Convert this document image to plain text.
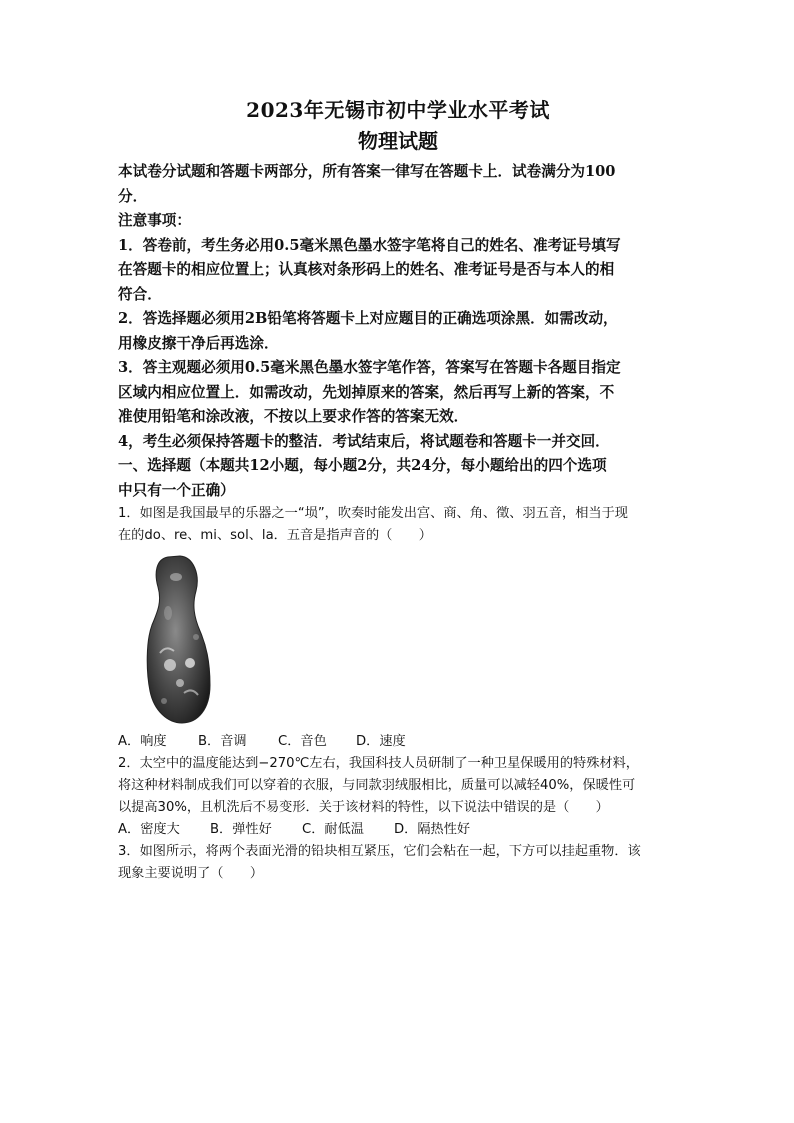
2023年无锡市初中学业水平考试
物理试题

本试卷分试题和答题卡两部分，所有答案一律写在答题卡上．试卷满分为100

分．

注意事项：

1．答卷前，考生务必用0.5毫米黑色墨水签字笔将自己的姓名、准考证号填写

在答题卡的相应位置上；认真核对条形码上的姓名、准考证号是否与本人的相

符合．

2．答选择题必须用2B铅笔将答题卡上对应题目的正确选项涂黑．如需改动，

用橡皮擦干净后再选涂．

3．答主观题必须用0.5毫米黑色墨水签字笔作答，答案写在答题卡各题目指定

区域内相应位置上．如需改动，先划掉原来的答案，然后再写上新的答案，不

准使用铅笔和涂改液，不按以上要求作答的答案无效．

4，考生必须保持答题卡的整洁．考试结束后，将试题卷和答题卡一并交回．

一、选择题（本题共12小题，每小题2分，共24分，每小题给出的四个选项

中只有一个正确）

1．如图是我国最早的乐器之一“埙”，吹奏时能发出宫、商、角、徵、羽五音，相当于现

在的do、re、mi、sol、la．五音是指声音的（　　）

A．响度	B．音调	C．音色	D．速度

2．太空中的温度能达到−270℃左右，我国科技人员研制了一种卫星保暖用的特殊材料，

将这种材料制成我们可以穿着的衣服，与同款羽绒服相比，质量可以减轻40%，保暖性可

以提高30%，且机洗后不易变形．关于该材料的特性，以下说法中错误的是（　　）

A．密度大	B．弹性好	C．耐低温	D．隔热性好

3．如图所示，将两个表面光滑的铅块相互紧压，它们会粘在一起，下方可以挂起重物．该

现象主要说明了（　　）
